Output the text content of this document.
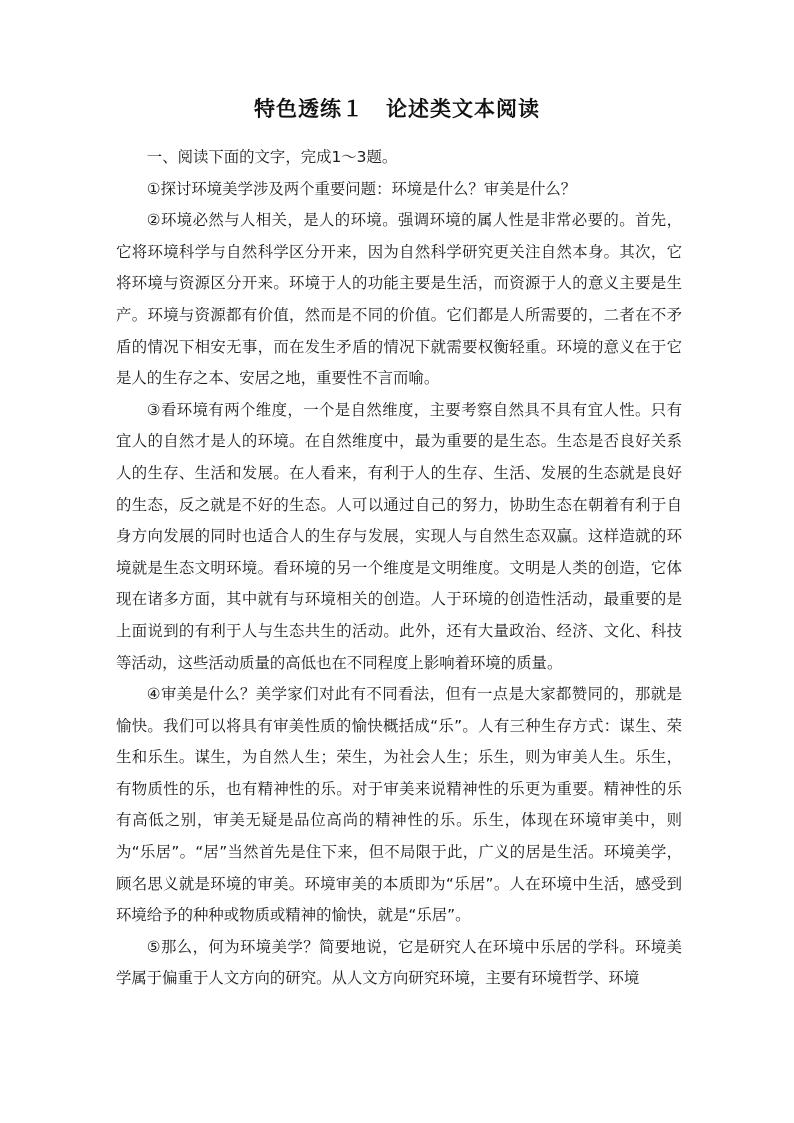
特色透练１　论述类文本阅读

一、阅读下面的文字，完成1～3题。

①探讨环境美学涉及两个重要问题：环境是什么？审美是什么？

②环境必然与人相关，是人的环境。强调环境的属人性是非常必要的。首先，它将环境科学与自然科学区分开来，因为自然科学研究更关注自然本身。其次，它将环境与资源区分开来。环境于人的功能主要是生活，而资源于人的意义主要是生产。环境与资源都有价值，然而是不同的价值。它们都是人所需要的，二者在不矛盾的情况下相安无事，而在发生矛盾的情况下就需要权衡轻重。环境的意义在于它是人的生存之本、安居之地，重要性不言而喻。

③看环境有两个维度，一个是自然维度，主要考察自然具不具有宜人性。只有宜人的自然才是人的环境。在自然维度中，最为重要的是生态。生态是否良好关系人的生存、生活和发展。在人看来，有利于人的生存、生活、发展的生态就是良好的生态，反之就是不好的生态。人可以通过自己的努力，协助生态在朝着有利于自身方向发展的同时也适合人的生存与发展，实现人与自然生态双赢。这样造就的环境就是生态文明环境。看环境的另一个维度是文明维度。文明是人类的创造，它体现在诸多方面，其中就有与环境相关的创造。人于环境的创造性活动，最重要的是上面说到的有利于人与生态共生的活动。此外，还有大量政治、经济、文化、科技等活动，这些活动质量的高低也在不同程度上影响着环境的质量。

④审美是什么？美学家们对此有不同看法，但有一点是大家都赞同的，那就是愉快。我们可以将具有审美性质的愉快概括成“乐”。人有三种生存方式：谋生、荣生和乐生。谋生，为自然人生；荣生，为社会人生；乐生，则为审美人生。乐生，有物质性的乐，也有精神性的乐。对于审美来说精神性的乐更为重要。精神性的乐有高低之别，审美无疑是品位高尚的精神性的乐。乐生，体现在环境审美中，则为“乐居”。“居”当然首先是住下来，但不局限于此，广义的居是生活。环境美学，顾名思义就是环境的审美。环境审美的本质即为“乐居”。人在环境中生活，感受到环境给予的种种或物质或精神的愉快，就是“乐居”。

⑤那么，何为环境美学？简要地说，它是研究人在环境中乐居的学科。环境美学属于偏重于人文方向的研究。从人文方向研究环境，主要有环境哲学、环境
